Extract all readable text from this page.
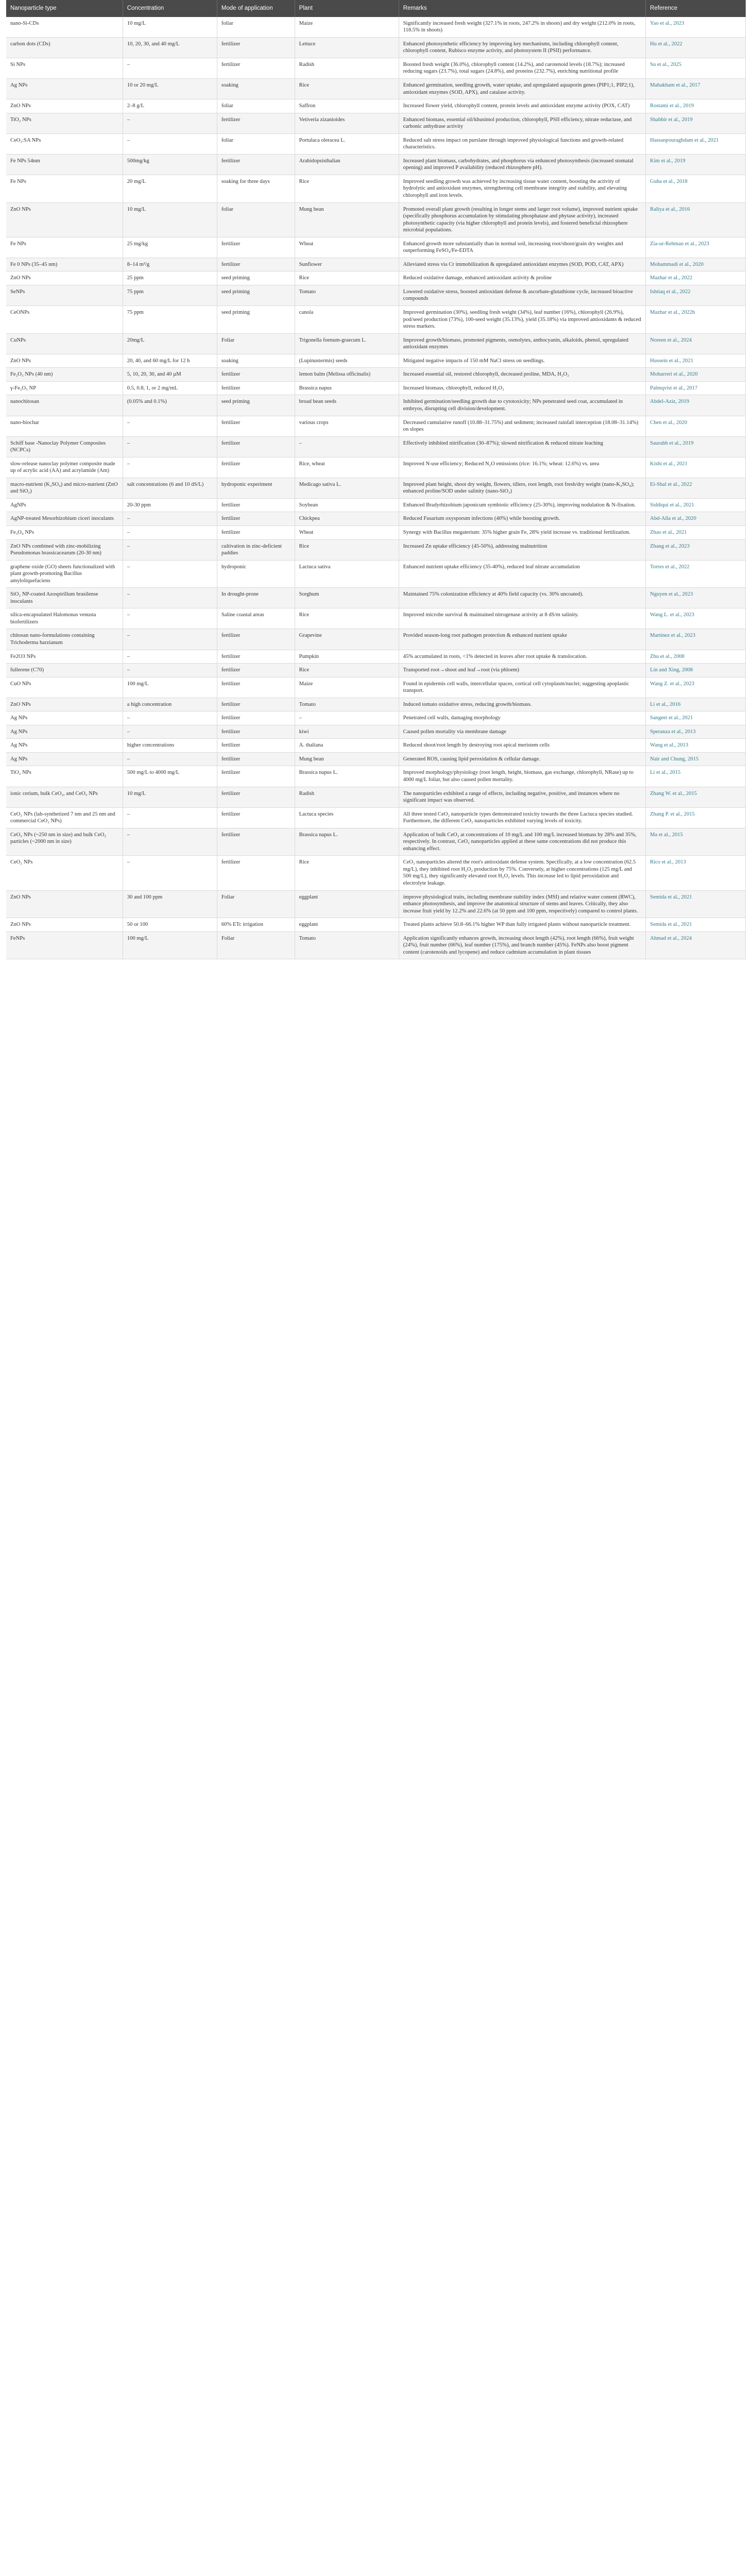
Nanoparticle type	Concentration	Mode of application	Plant	Remarks	Reference
nano-Si-CDs	10 mg/L	foliar	Maize	Significantly increased fresh weight (327.1% in roots, 247.2% in shoots) and dry weight (212.0% in roots, 118.5% in shoots)	Yao et al., 2023
carbon dots (CDs)	10, 20, 30, and 40 mg/L	fertilizer	Lettuce	Enhanced photosynthetic efficiency by improving key mechanisms, including chlorophyll content, chlorophyll content, Rubisco enzyme activity, and photosystem II (PSII) performance.	Hu et al., 2022
Si NPs	–	fertilizer	Radish	Boosted fresh weight (36.0%), chlorophyll content (14.2%), and carotenoid levels (18.7%); increased reducing sugars (23.7%), total sugars (24.8%), and proteins (232.7%), enriching nutritional profile	Su et al., 2025
Ag NPs	10 or 20 mg/L	soaking	Rice	Enhanced germination, seedling growth, water uptake, and upregulated aquaporin genes (PIP1;1, PIP2;1), antioxidant enzymes (SOD, APX), and catalase activity.	Mahakham et al., 2017
ZnO NPs	2–8 g/L	foliar	Saffron	Increased flower yield, chlorophyll content, protein levels and antioxidant enzyme activity (POX, CAT)	Rostami et al., 2019
TiO₂ NPs	–	fertilizer	Vetiveria zizanioides	Enhanced biomass, essential oil/khusimol production, chlorophyll, PSII efficiency, nitrate reductase, and carbonic anhydrase activity	Shabbir et al., 2019
CeO₂:SA NPs	–	foliar	Portulaca oleracea L.	Reduced salt stress impact on purslane through improved physiological functions and growth-related characteristics.	Hassanpouraghdam et al., 2021
Fe NPs 54nm	500mg/kg	fertilizer	Arabidopsisthalian	Increased plant biomass, carbohydrates, and phosphorus via enhanced photosynthesis (increased stomatal opening) and improved P availability (reduced rhizosphere pH).	Kim et al., 2019
Fe NPs	20 mg/L	soaking for three days	Rice	Improved seedling growth was achieved by increasing tissue water content, boosting the activity of hydrolytic and antioxidant enzymes, strengthening cell membrane integrity and stability, and elevating chlorophyll and iron levels.	Guha et al., 2018
ZnO NPs	10 mg/L	foliar	Mung bean	Promoted overall plant growth (resulting in longer stems and larger root volume), improved nutrient uptake (specifically phosphorus accumulation by stimulating phosphatase and phytase activity), increased photosynthetic capacity (via higher chlorophyll and protein levels), and fostered beneficial rhizosphere microbial populations.	Raliya et al., 2016
Fe NPs	25 mg/kg	fertilizer	Wheat	Enhanced growth more substantially than in normal soil, increasing root/shoot/grain dry weights and outperforming FeSO₄/Fe-EDTA	Zia-ur-Rehman et al., 2023
Fe 0 NPs (35–45 nm)	8–14 m²/g	fertilizer	Sunflower	Alleviated stress via Cr immobilization & upregulated antioxidant enzymes (SOD, POD, CAT, APX)	Mohammadi et al., 2020
ZnO NPs	25 ppm	seed priming	Rice	Reduced oxidative damage, enhanced antioxidant activity & proline	Mazhar et al., 2022
SeNPs	75 ppm	seed priming	Tomato	Lowered oxidative stress, boosted antioxidant defense & ascorbate-glutathione cycle, increased bioactive compounds	Ishtiaq et al., 2022
CeONPs	75 ppm	seed priming	canola	Improved germination (30%), seedling fresh weight (34%), leaf number (16%), chlorophyll (26.9%), pod/seed production (73%), 100-seed weight (35.13%), yield (35.18%) via improved antioxidants & reduced stress markers.	Mazhar et al., 2022b
CuNPs	20mg/L	Foliar	Trigonella foenum-graecum L.	Improved growth/biomass, promoted pigments, osmolytes, anthocyanin, alkaloids, phenol, upregulated antioxidant enzymes	Noreen et al., 2024
ZnO NPs	20, 40, and 60 mg/L for 12 h	soaking	(Lupinustermis) seeds	Mitigated negative impacts of 150 mM NaCl stress on seedlings.	Hussein et al., 2021
Fe₂O₃ NPs (40 nm)	5, 10, 20, 30, and 40 µM	fertilizer	lemon balm (Melissa officinalis)	Increased essential oil, restored chlorophyll, decreased proline, MDA, H₂O₂	Moharreri et al., 2020
γ-Fe₂O₃ NP	0.5, 0.8, 1, or 2 mg/mL	fertilizer	Brassica napus	Increased biomass, chlorophyll, reduced H₂O₂	Palmqvist et al., 2017
nanochitosan	(0.05% and 0.1%)	seed priming	broad bean seeds	Inhibited germination/seedling growth due to cytotoxicity; NPs penetrated seed coat, accumulated in embryos, disrupting cell division/development.	Abdel-Aziz, 2019
nano-biochar	–	fertilizer	various crops	Decreased cumulative runoff (10.88–31.75%) and sediment; increased rainfall interception (18.08–31.14%) on slopes	Chen et al., 2020
Schiff base -Nanoclay Polymer Composites (NCPCs)	–	fertilizer	–	Effectively inhibited nitrification (30–87%); slowed nitrification & reduced nitrate leaching	Saurabh et al., 2019
slow-release nanoclay polymer composite made up of acrylic acid (AA) and acrylamide (Am)	–	fertilizer	Rice, wheat	Improved N-use efficiency; Reduced N₂O emissions (rice: 16.1%; wheat: 12.6%) vs. urea	Kishi et al., 2021
macro-nutrient (K₂SO₄) and micro-nutrient (ZnO and SiO₂)	salt concentrations (6 and 10 dS/L)	hydroponic experiment	Medicago sativa L.	Improved plant height, shoot dry weight, flowers, tillers, root length, root fresh/dry weight (nano-K₂SO₄); enhanced proline/SOD under salinity (nano-SiO₂)	El-Shal et al., 2022
AgNPs	20-30 ppm	fertilizer	Soybean	Enhanced Bradyrhizobium japonicum symbiotic efficiency (25-30%), improving nodulation & N-fixation.	Siddiqui et al., 2021
AgNP-treated Mesorhizobium ciceri inoculants	–	fertilizer	Chickpea	Reduced Fusarium oxysporum infections (40%) while boosting growth.	Abd-Alla et al., 2020
Fe₃O₄ NPs	–	fertilizer	Wheat	Synergy with Bacillus megaterium: 35% higher grain Fe, 28% yield increase vs. traditional fertilization.	Zhao et al., 2021
ZnO NPs combined with zinc-mobilizing Pseudomonas brassicacearum (20-30 nm)	–	cultivation in zinc-deficient paddies	Rice	Increased Zn uptake efficiency (45-50%), addressing malnutrition	Zhang et al., 2023
graphene oxide (GO) sheets functionalized with plant growth-promoting Bacillus amyloliquefaciens	–	hydroponic	Lactuca sativa	Enhanced nutrient uptake efficiency (35-40%), reduced leaf nitrate accumulation	Torres et al., 2022
SiO₂ NP-coated Azospirillum brasilense inoculants	–	In drought-prone	Sorghum	Maintained 75% colonization efficiency at 40% field capacity (vs. 30% uncoated).	Nguyen et al., 2023
silica-encapsulated Halomonas venusta biofertilizers	–	Saline coastal areas	Rice	Improved microbe survival & maintained nitrogenase activity at 8 dS/m salinity.	Wang L. et al., 2023
chitosan nano-formulations containing Trichoderma harzianum	–	fertilizer	Grapevine	Provided season-long root pathogen protection & enhanced nutrient uptake	Martinez et al., 2023
Fe2O3 NPs	–	fertilizer	Pumpkin	45% accumulated in roots, <1% detected in leaves after root uptake & translocation.	Zhu et al., 2008
fullerene (C70)	–	fertilizer	Rice	Transported root→shoot and leaf→root (via phloem)	Lin and Xing, 2008
CuO NPs	100 mg/L	fertilizer	Maize	Found in epidermis cell walls, intercellular spaces, cortical cell cytoplasm/nuclei; suggesting apoplastic transport.	Wang Z. et al., 2023
ZnO NPs	a high concentration	fertilizer	Tomato	Induced tomato oxidative stress, reducing growth/biomass.	Li et al., 2016
Ag NPs	–	fertilizer	–	Penetrated cell walls, damaging morphology	Sangeet et al., 2021
Ag NPs	–	fertilizer	kiwi	Caused pollen mortality via membrane damage	Speranza et al., 2013
Ag NPs	higher concentrations	fertilizer	A. thaliana	Reduced shoot/root length by destroying root apical meristem cells	Wang et al., 2013
Ag NPs	–	fertilizer	Mung bean	Generated ROS, causing lipid peroxidation & cellular damage.	Nair and Chung, 2015
TiO₂ NPs	500 mg/L to 4000 mg/L	fertilizer	Brassica napus L.	Improved morphology/physiology (root length, height, biomass, gas exchange, chlorophyll, NRase) up to 4000 mg/L foliar, but also caused pollen mortality.	Li et al., 2015
ionic cerium, bulk CeO₂, and CeO₂ NPs	10 mg/L	fertilizer	Radish	The nanoparticles exhibited a range of effects, including negative, positive, and instances where no significant impact was observed.	Zhang W. et al., 2015
CeO₂ NPs (lab-synthetized 7 nm and 25 nm and commercial CeO₂ NPs)	–	fertilizer	Lactuca species	All three tested CeO₂ nanoparticle types demonstrated toxicity towards the three Lactuca species studied. Furthermore, the different CeO₂ nanoparticles exhibited varying levels of toxicity.	Zhang P. et al., 2015
CeO₂ NPs (~250 nm in size) and bulk CeO₂ particles (~2000 nm in size)	–	fertilizer	Brassica napus L.	Application of bulk CeO₂ at concentrations of 10 mg/L and 100 mg/L increased biomass by 28% and 35%, respectively. In contrast, CeO₂ nanoparticles applied at these same concentrations did not produce this enhancing effect.	Ma et al., 2015
CeO₂ NPs	–	fertilizer	Rice	CeO₂ nanoparticles altered the root's antioxidant defense system. Specifically, at a low concentration (62.5 mg/L), they inhibited root H₂O₂ production by 75%. Conversely, at higher concentrations (125 mg/L and 500 mg/L), they significantly elevated root H₂O₂ levels. This increase led to lipid peroxidation and electrolyte leakage.	Rico et al., 2013
ZnO NPs	30 and 100 ppm	Foliar	eggplant	improve physiological traits, including membrane stability index (MSI) and relative water content (RWC), enhance photosynthesis, and improve the anatomical structure of stems and leaves. Critically, they also increase fruit yield by 12.2% and 22.6% (at 50 ppm and 100 ppm, respectively) compared to control plants.	Semida et al., 2021
ZnO NPs	50 or 100	60% ETc irrigation	eggplant	Treated plants achieve 50.8–66.1% higher WP than fully irrigated plants without nanoparticle treatment.	Semida et al., 2021
FeNPs	100 mg/L	Foliar	Tomato	Application significantly enhances growth, increasing shoot length (42%), root length (66%), fruit weight (24%), fruit number (66%), leaf number (175%), and branch number (45%). FeNPs also boost pigment content (carotenoids and lycopene) and reduce cadmium accumulation in plant tissues	Ahmad et al., 2024
